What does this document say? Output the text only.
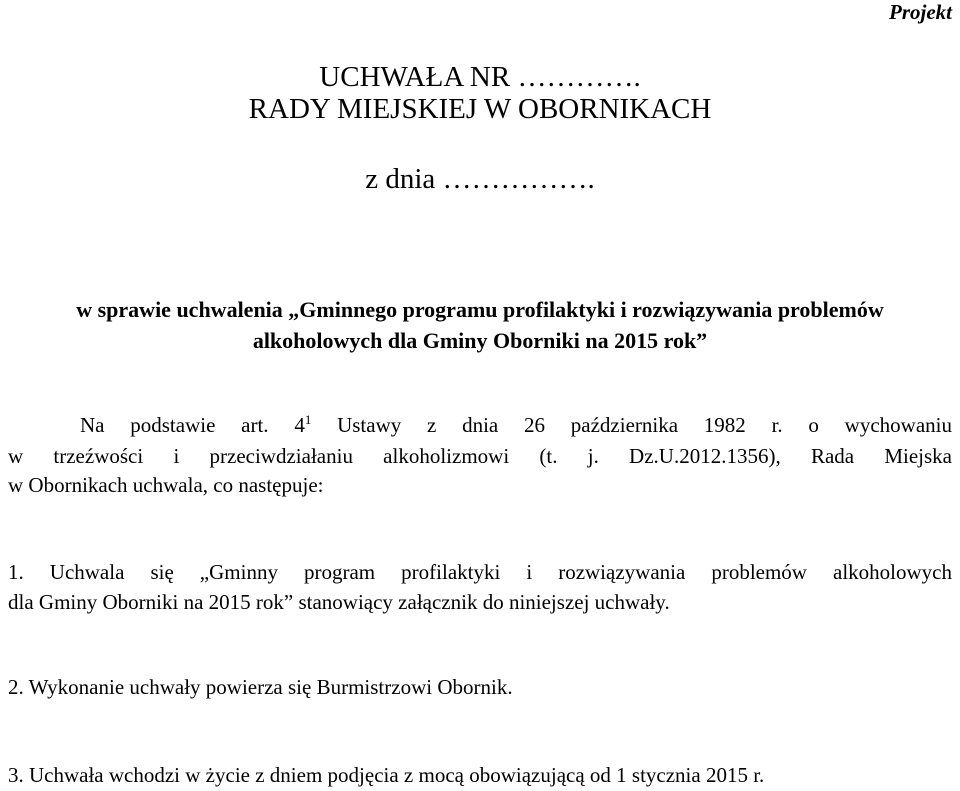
Projekt
UCHWAŁA NR ………….
RADY MIEJSKIEJ W OBORNIKACH
z dnia …………….
w sprawie uchwalenia „Gminnego programu profilaktyki i rozwiązywania problemów
alkoholowych dla Gminy Oborniki na 2015 rok”
Na podstawie art. $4^1$ Ustawy z dnia 26 października 1982 r. o wychowaniu
w trzeźwości i przeciwdziałaniu alkoholizmowi (t. j. Dz.U.2012.1356), Rada Miejska
w Obornikach uchwala, co następuje:
1. Uchwala się „Gminny program profilaktyki i rozwiązywania problemów alkoholowych
dla Gminy Oborniki na 2015 rok” stanowiący załącznik do niniejszej uchwały.
2. Wykonanie uchwały powierza się Burmistrzowi Obornik.
3. Uchwała wchodzi w życie z dniem podjęcia z mocą obowiązującą od 1 stycznia 2015 r.
